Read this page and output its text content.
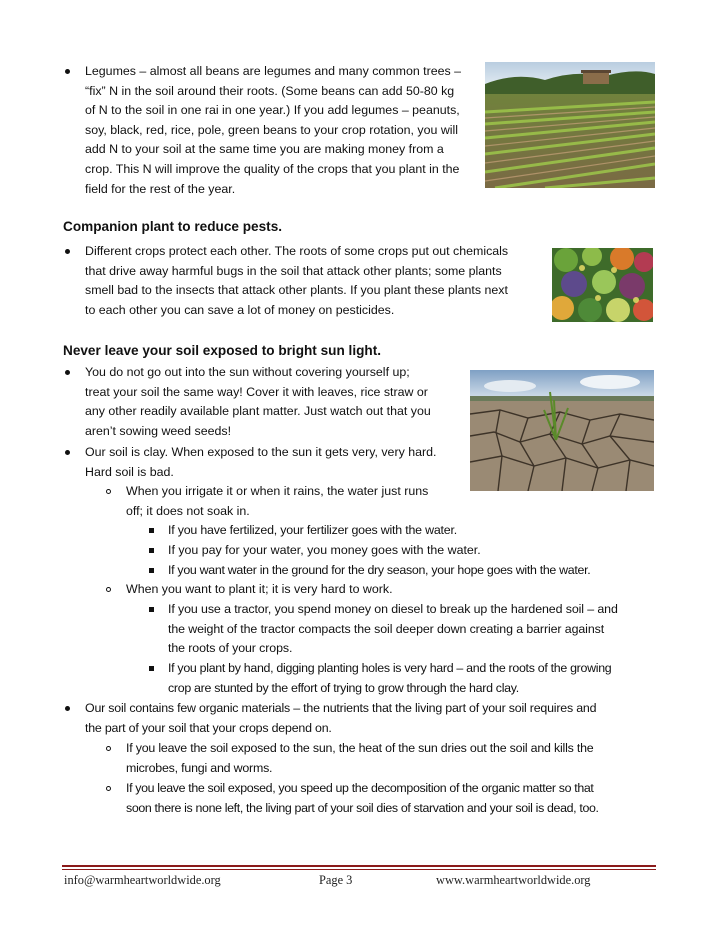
Legumes – almost all beans are legumes and many common trees –
“fix” N in the soil around their roots. (Some beans can add 50-80 kg
of N to the soil in one rai in one year.) If you add legumes – peanuts,
soy, black, red, rice, pole, green beans to your crop rotation, you will
add N to your soil at the same time you are making money from a
crop. This N will improve the quality of the crops that you plant in the
field for the rest of the year.
Companion plant to reduce pests.
Different crops protect each other. The roots of some crops put out chemicals
that drive away harmful bugs in the soil that attack other plants; some plants
smell bad to the insects that attack other plants. If you plant these plants next
to each other you can save a lot of money on pesticides.
Never leave your soil exposed to bright sun light.
You do not go out into the sun without covering yourself up;
treat your soil the same way! Cover it with leaves, rice straw or
any other readily available plant matter. Just watch out that you
aren’t sowing weed seeds!
Our soil is clay. When exposed to the sun it gets very, very hard.
Hard soil is bad.
When you irrigate it or when it rains, the water just runs
off; it does not soak in.
If you have fertilized, your fertilizer goes with the water.
If you pay for your water, you money goes with the water.
If you want water in the ground for the dry season, your hope goes with the water.
When you want to plant it; it is very hard to work.
If you use a tractor, you spend money on diesel to break up the hardened soil – and
the weight of the tractor compacts the soil deeper down creating a barrier against
the roots of your crops.
If you plant by hand, digging planting holes is very hard – and the roots of the growing
crop are stunted by the effort of trying to grow through the hard clay.
Our soil contains few organic materials – the nutrients that the living part of your soil requires and
the part of your soil that your crops depend on.
If you leave the soil exposed to the sun, the heat of the sun dries out the soil and kills the
microbes, fungi and worms.
If you leave the soil exposed, you speed up the decomposition of the organic matter so that
soon there is none left, the living part of your soil dies of starvation and your soil is dead, too.
info@warmheartworldwide.org	Page 3	www.warmheartworldwide.org
